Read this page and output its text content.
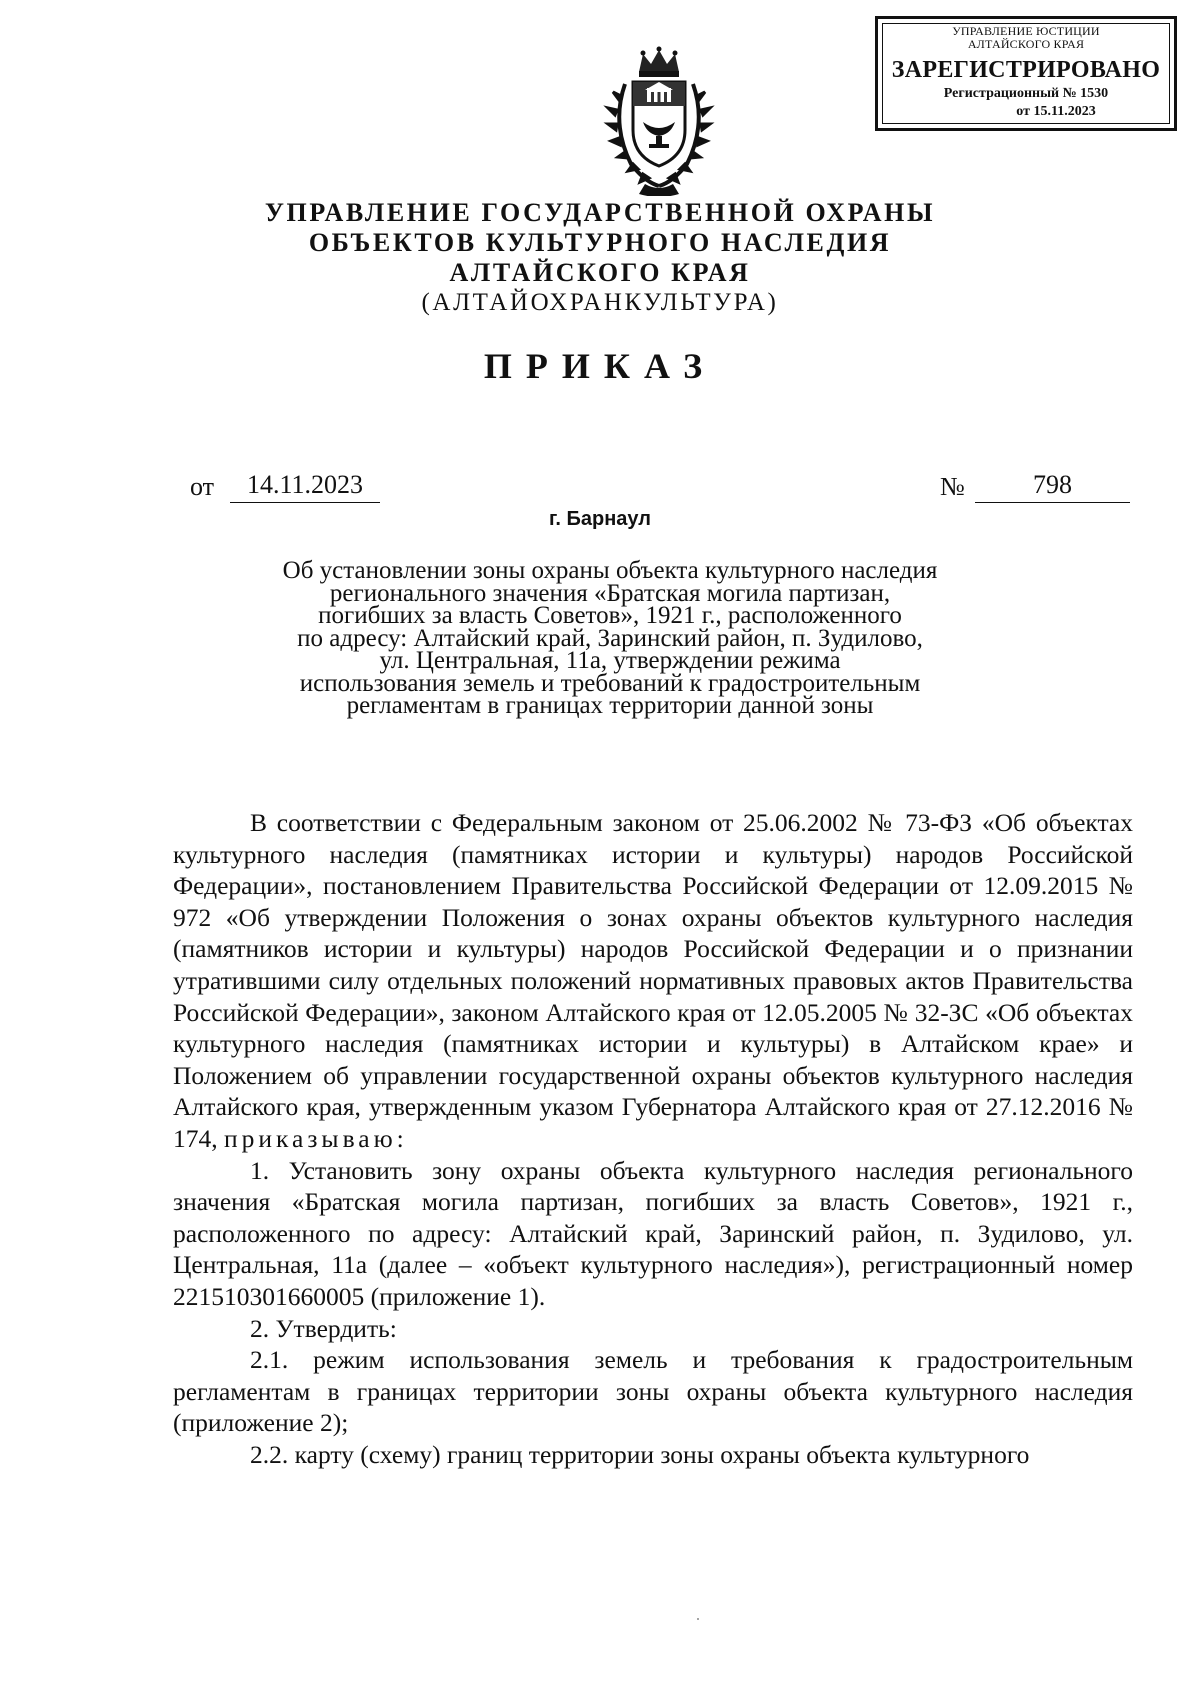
УПРАВЛЕНИЕ ЮСТИЦИИ
АЛТАЙСКОГО КРАЯ
ЗАРЕГИСТРИРОВАНО
Регистрационный № 1530
от 15.11.2023
УПРАВЛЕНИЕ ГОСУДАРСТВЕННОЙ ОХРАНЫ
ОБЪЕКТОВ КУЛЬТУРНОГО НАСЛЕДИЯ
АЛТАЙСКОГО КРАЯ
(АЛТАЙОХРАНКУЛЬТУРА)
ПРИКАЗ
от	14.11.2023	№	798
г. Барнаул
Об установлении зоны охраны объекта культурного наследия
регионального значения «Братская могила партизан,
погибших за власть Советов», 1921 г., расположенного
по адресу: Алтайский край, Заринский район, п. Зудилово,
ул. Центральная, 11а, утверждении режима
использования земель и требований к градостроительным
регламентам в границах территории данной зоны

В соответствии с Федеральным законом от 25.06.2002 № 73-ФЗ «Об объектах культурного наследия (памятниках истории и культуры) народов Российской Федерации», постановлением Правительства Российской Федерации от 12.09.2015 № 972 «Об утверждении Положения о зонах охраны объектов культурного наследия (памятников истории и культуры) народов Российской Федерации и о признании утратившими силу отдельных положений нормативных правовых актов Правительства Российской Федерации», законом Алтайского края от 12.05.2005 № 32-ЗС «Об объектах культурного наследия (памятниках истории и культуры) в Алтайском крае» и Положением об управлении государственной охраны объектов культурного наследия Алтайского края, утвержденным указом Губернатора Алтайского края от 27.12.2016 № 174, приказываю:

1. Установить зону охраны объекта культурного наследия регионального значения «Братская могила партизан, погибших за власть Советов», 1921 г., расположенного по адресу: Алтайский край, Заринский район, п. Зудилово, ул. Центральная, 11а (далее – «объект культурного наследия»), регистрационный номер 221510301660005 (приложение 1).

2. Утвердить:

2.1. режим использования земель и требования к градостроительным регламентам в границах территории зоны охраны объекта культурного наследия (приложение 2);

2.2. карту (схему) границ территории зоны охраны объекта культурного
